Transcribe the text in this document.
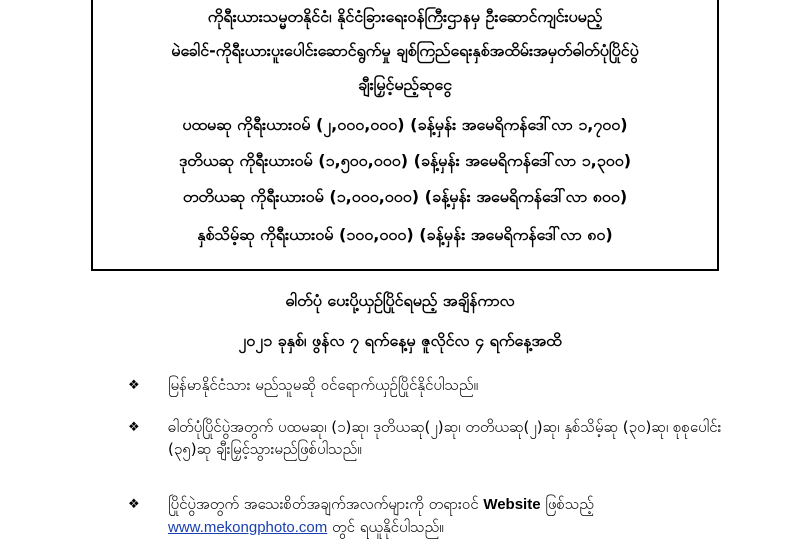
ကိုရီးယားသမ္မတနိုင်ငံ၊ နိုင်ငံခြားရေးဝန်ကြီးဌာနမှ ဦးဆောင်ကျင်းပမည့်
မဲခေါင်-ကိုရီးယားပူးပေါင်းဆောင်ရွက်မှု ချစ်ကြည်ရေးနှစ်အထိမ်းအမှတ်ဓါတ်ပုံပြိုင်ပွဲ
ချီးမြှင့်မည့်ဆုငွေ
ပထမဆု ကိုရီးယားဝမ် (၂,၀၀၀,၀၀၀) (ခန့်မှန်း အမေရိကန်ဒေါ်လာ ၁,၇၀၀)
ဒုတိယဆု ကိုရီးယားဝမ် (၁,၅၀၀,၀၀၀) (ခန့်မှန်း အမေရိကန်ဒေါ်လာ ၁,၃၀၀)
တတိယဆု ကိုရီးယားဝမ် (၁,၀၀၀,၀၀၀) (ခန့်မှန်း အမေရိကန်ဒေါ်လာ ၈၀၀)
နှစ်သိမ့်ဆု ကိုရီးယားဝမ် (၁၀၀,၀၀၀) (ခန့်မှန်း အမေရိကန်ဒေါ်လာ ၈၀)
ဓါတ်ပုံ ပေးပို့ယှဉ်ပြိုင်ရမည့် အချိန်ကာလ
၂၀၂၁ ခုနှစ်၊ ဖွန်လ ၇ ရက်နေ့မှ ဇူလိုင်လ ၄ ရက်နေ့အထိ
❖ မြန်မာနိုင်ငံသား မည်သူမဆို ဝင်ရောက်ယှဉ်ပြိုင်နိုင်ပါသည်။
❖ ဓါတ်ပုံပြိုင်ပွဲအတွက် ပထမဆု၊ (၁)ဆု၊ ဒုတိယဆု(၂)ဆု၊ တတိယဆု(၂)ဆု၊ နှစ်သိမ့်ဆု (၃၀)ဆု၊ စုစုပေါင်း (၃၅)ဆု ချီးမြှင့်သွားမည်ဖြစ်ပါသည်။
❖ ပြိုင်ပွဲအတွက် အသေးစိတ်အချက်အလက်များကို တရားဝင် Website ဖြစ်သည့်
www.mekongphoto.com တွင် ရယူနိုင်ပါသည်။
